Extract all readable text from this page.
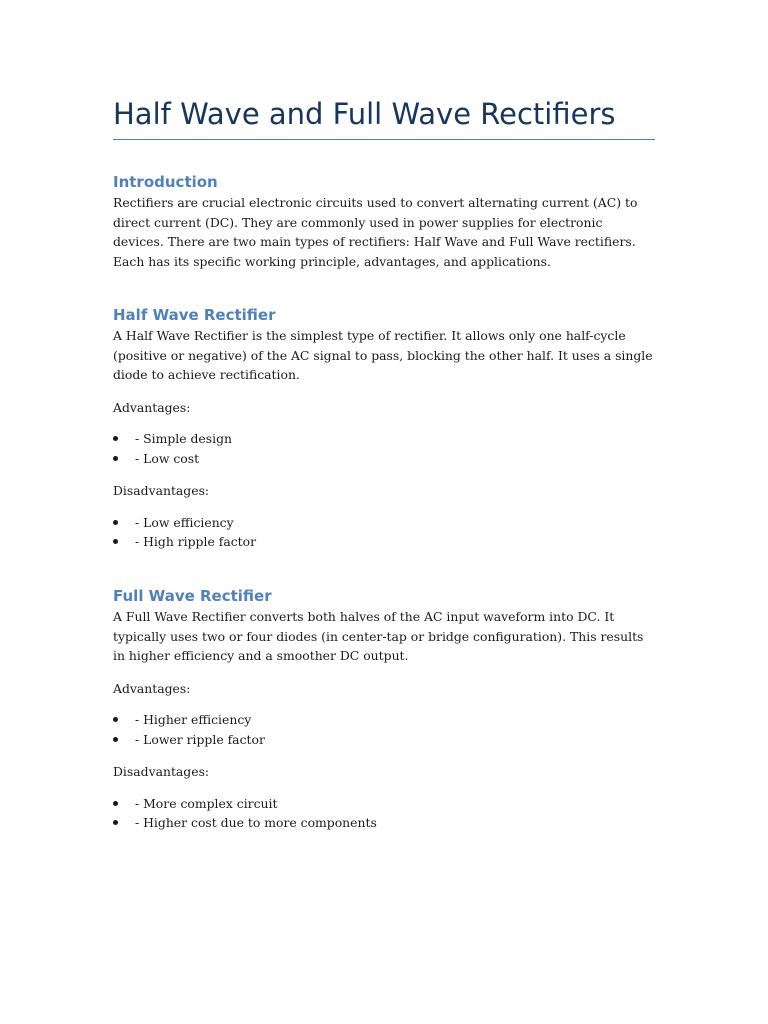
Half Wave and Full Wave Rectifiers
Introduction

Rectifiers are crucial electronic circuits used to convert alternating current (AC) to direct current (DC). They are commonly used in power supplies for electronic devices. There are two main types of rectifiers: Half Wave and Full Wave rectifiers. Each has its specific working principle, advantages, and applications.

Half Wave Rectifier

A Half Wave Rectifier is the simplest type of rectifier. It allows only one half-cycle (positive or negative) of the AC signal to pass, blocking the other half. It uses a single diode to achieve rectification.

Advantages:

- Simple design
- Low cost

Disadvantages:

- Low efficiency
- High ripple factor
Full Wave Rectifier

A Full Wave Rectifier converts both halves of the AC input waveform into DC. It typically uses two or four diodes (in center-tap or bridge configuration). This results in higher efficiency and a smoother DC output.

Advantages:

- Higher efficiency
- Lower ripple factor

Disadvantages:

- More complex circuit
- Higher cost due to more components
